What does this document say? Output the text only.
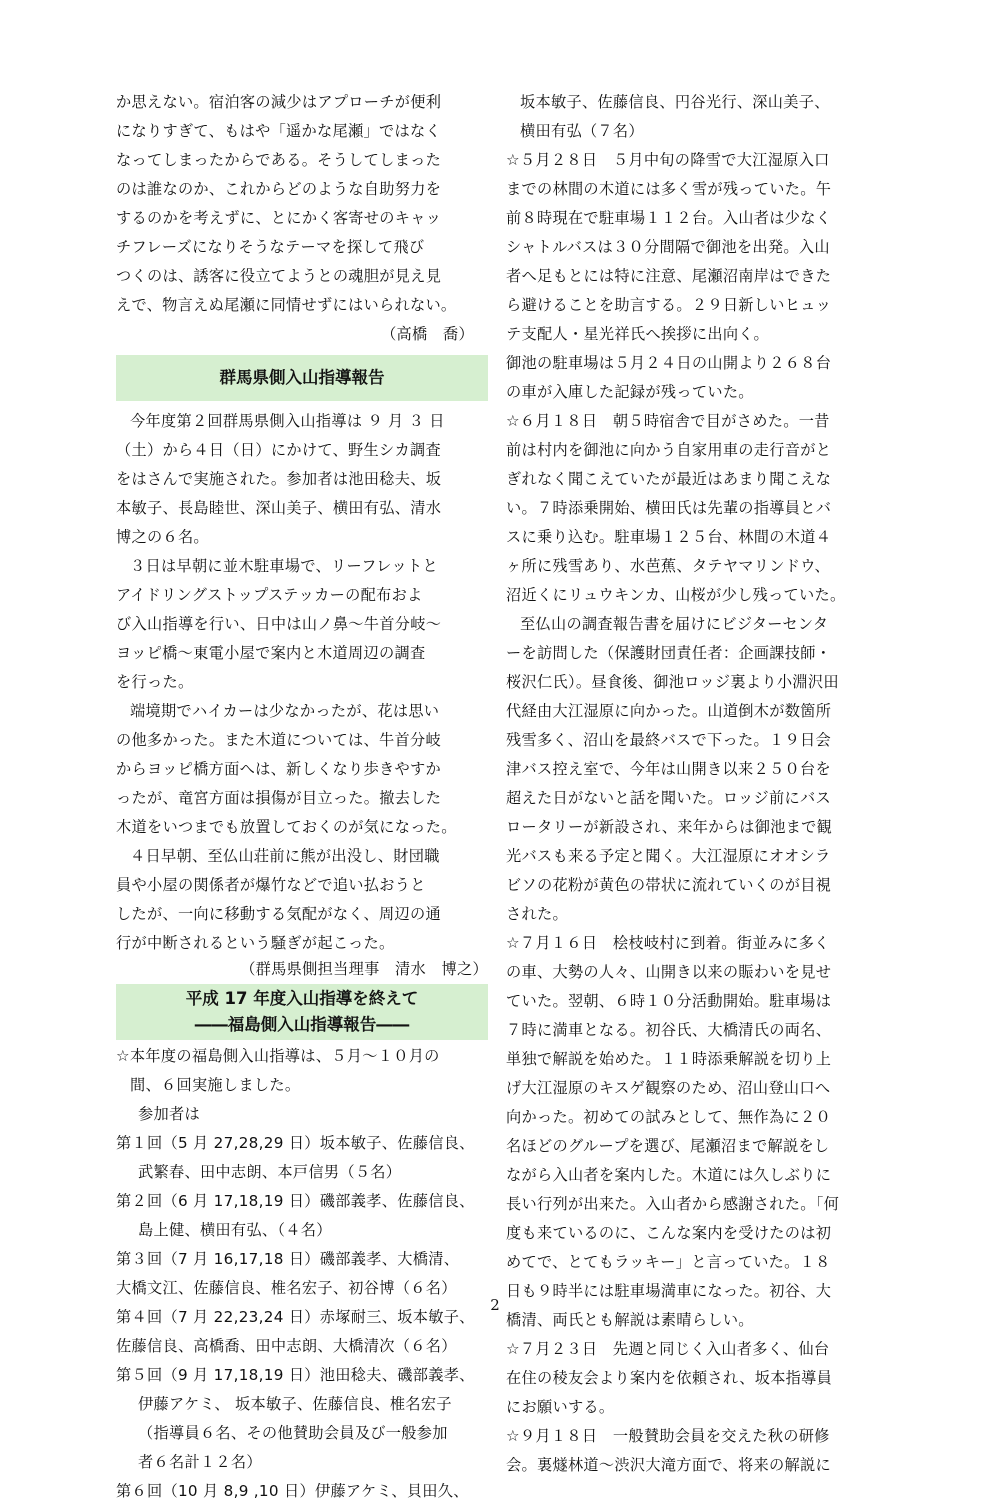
か思えない。宿泊客の減少はアプローチが便利
になりすぎて、もはや「遥かな尾瀬」ではなく
なってしまったからである。そうしてしまった
のは誰なのか、これからどのような自助努力を
するのかを考えずに、とにかく客寄せのキャッ
チフレーズになりそうなテーマを探して飛び
つくのは、誘客に役立てようとの魂胆が見え見
えで、物言えぬ尾瀬に同情せずにはいられない。
（高橋　喬）
群馬県側入山指導報告
今年度第２回群馬県側入山指導は ９ 月 ３ 日
（土）から４日（日）にかけて、野生シカ調査
をはさんで実施された。参加者は池田稔夫、坂
本敏子、長島睦世、深山美子、横田有弘、清水
博之の６名。
３日は早朝に並木駐車場で、リーフレットと
アイドリングストップステッカーの配布およ
び入山指導を行い、日中は山ノ鼻～牛首分岐～
ヨッピ橋～東電小屋で案内と木道周辺の調査
を行った。
端境期でハイカーは少なかったが、花は思い
の他多かった。また木道については、牛首分岐
からヨッピ橋方面へは、新しくなり歩きやすか
ったが、竜宮方面は損傷が目立った。撤去した
木道をいつまでも放置しておくのが気になった。
４日早朝、至仏山荘前に熊が出没し、財団職
員や小屋の関係者が爆竹などで追い払おうと
したが、一向に移動する気配がなく、周辺の通
行が中断されるという騒ぎが起こった。
（群馬県側担当理事　清水　博之）
平成 17 年度入山指導を終えて
――福島側入山指導報告――
☆本年度の福島側入山指導は、５月～１０月の
間、６回実施しました。
参加者は
第１回（5 月 27,28,29 日）坂本敏子、佐藤信良、
武繁春、田中志朗、本戸信男（５名）
第２回（6 月 17,18,19 日）磯部義孝、佐藤信良、
島上健、横田有弘、（４名）
第３回（7 月 16,17,18 日）磯部義孝、大橋清、
大橋文江、佐藤信良、椎名宏子、初谷博（６名）
第４回（7 月 22,23,24 日）赤塚耐三、坂本敏子、
佐藤信良、高橋喬、田中志朗、大橋清次（６名）
第５回（9 月 17,18,19 日）池田稔夫、磯部義孝、
伊藤アケミ、 坂本敏子、佐藤信良、椎名宏子
（指導員６名、その他賛助会員及び一般参加
者６名計１２名）
第６回（10 月 8,9 ,10 日）伊藤アケミ、貝田久、
坂本敏子、佐藤信良、円谷光行、深山美子、
横田有弘（７名）
☆５月２８日　５月中旬の降雪で大江湿原入口
までの林間の木道には多く雪が残っていた。午
前８時現在で駐車場１１２台。入山者は少なく
シャトルバスは３０分間隔で御池を出発。入山
者へ足もとには特に注意、尾瀬沼南岸はできた
ら避けることを助言する。２９日新しいヒュッ
テ支配人・星光祥氏へ挨拶に出向く。
御池の駐車場は５月２４日の山開より２６８台
の車が入庫した記録が残っていた。
☆６月１８日　朝５時宿舎で目がさめた。一昔
前は村内を御池に向かう自家用車の走行音がと
ぎれなく聞こえていたが最近はあまり聞こえな
い。７時添乗開始、横田氏は先輩の指導員とバ
スに乗り込む。駐車場１２５台、林間の木道４
ヶ所に残雪あり、水芭蕉、タテヤマリンドウ、
沼近くにリュウキンカ、山桜が少し残っていた。
至仏山の調査報告書を届けにビジターセンタ
ーを訪問した（保護財団責任者：企画課技師・
桜沢仁氏）。昼食後、御池ロッジ裏より小淵沢田
代経由大江湿原に向かった。山道倒木が数箇所
残雪多く、沼山を最終バスで下った。１９日会
津バス控え室で、今年は山開き以来２５０台を
超えた日がないと話を聞いた。ロッジ前にバス
ロータリーが新設され、来年からは御池まで観
光バスも来る予定と聞く。大江湿原にオオシラ
ビソの花粉が黄色の帯状に流れていくのが目視
された。
☆７月１６日　桧枝岐村に到着。街並みに多く
の車、大勢の人々、山開き以来の賑わいを見せ
ていた。翌朝、６時１０分活動開始。駐車場は
７時に満車となる。初谷氏、大橋清氏の両名、
単独で解説を始めた。１１時添乗解説を切り上
げ大江湿原のキスゲ観察のため、沼山登山口へ
向かった。初めての試みとして、無作為に２０
名ほどのグループを選び、尾瀬沼まで解説をし
ながら入山者を案内した。木道には久しぶりに
長い行列が出来た。入山者から感謝された。「何
度も来ているのに、こんな案内を受けたのは初
めてで、とてもラッキー」と言っていた。１８
日も９時半には駐車場満車になった。初谷、大
橋清、両氏とも解説は素晴らしい。
☆７月２３日　先週と同じく入山者多く、仙台
在住の稜友会より案内を依頼され、坂本指導員
にお願いする。
☆９月１８日　一般賛助会員を交えた秋の研修
会。裏燧林道～渋沢大滝方面で、将来の解説に
2
